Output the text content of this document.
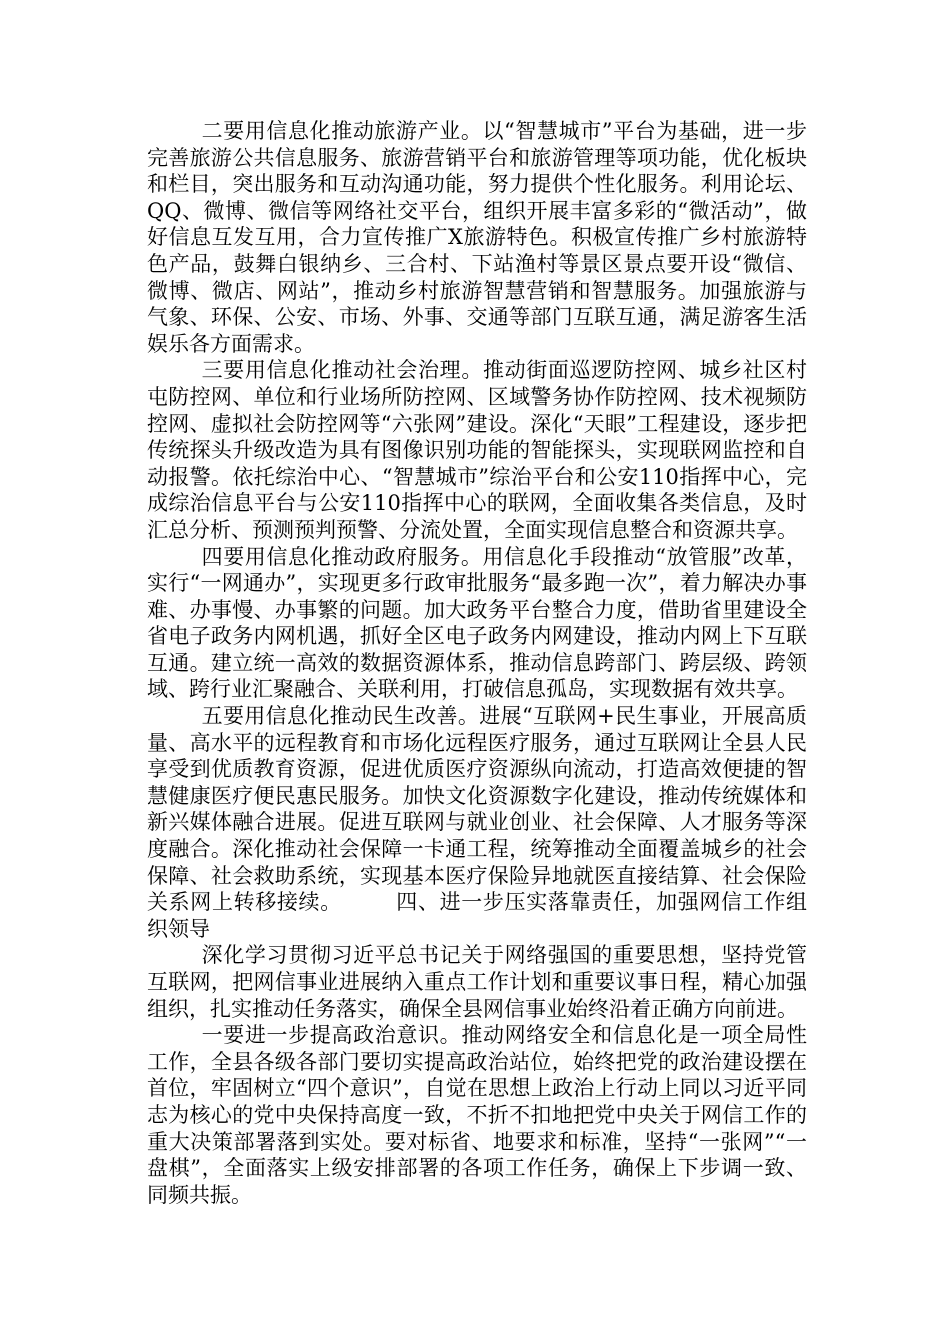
二要用信息化推动旅游产业。以“智慧城市”平台为基础，进一步完善旅游公共信息服务、旅游营销平台和旅游管理等项功能，优化板块和栏目，突出服务和互动沟通功能，努力提供个性化服务。利用论坛、QQ、微博、微信等网络社交平台，组织开展丰富多彩的“微活动”，做好信息互发互用，合力宣传推广X旅游特色。积极宣传推广乡村旅游特色产品，鼓舞白银纳乡、三合村、下站渔村等景区景点要开设“微信、微博、微店、网站”，推动乡村旅游智慧营销和智慧服务。加强旅游与气象、环保、公安、市场、外事、交通等部门互联互通，满足游客生活娱乐各方面需求。

三要用信息化推动社会治理。推动街面巡逻防控网、城乡社区村屯防控网、单位和行业场所防控网、区域警务协作防控网、技术视频防控网、虚拟社会防控网等“六张网”建设。深化“天眼”工程建设，逐步把传统探头升级改造为具有图像识别功能的智能探头，实现联网监控和自动报警。依托综治中心、“智慧城市”综治平台和公安110指挥中心，完成综治信息平台与公安110指挥中心的联网，全面收集各类信息，及时汇总分析、预测预判预警、分流处置，全面实现信息整合和资源共享。

四要用信息化推动政府服务。用信息化手段推动“放管服”改革，实行“一网通办”，实现更多行政审批服务“最多跑一次”，着力解决办事难、办事慢、办事繁的问题。加大政务平台整合力度，借助省里建设全省电子政务内网机遇，抓好全区电子政务内网建设，推动内网上下互联互通。建立统一高效的数据资源体系，推动信息跨部门、跨层级、跨领域、跨行业汇聚融合、关联利用，打破信息孤岛，实现数据有效共享。

五要用信息化推动民生改善。进展“互联网+民生事业，开展高质量、高水平的远程教育和市场化远程医疗服务，通过互联网让全县人民享受到优质教育资源，促进优质医疗资源纵向流动，打造高效便捷的智慧健康医疗便民惠民服务。加快文化资源数字化建设，推动传统媒体和新兴媒体融合进展。促进互联网与就业创业、社会保障、人才服务等深度融合。深化推动社会保障一卡通工程，统筹推动全面覆盖城乡的社会保障、社会救助系统，实现基本医疗保险异地就医直接结算、社会保险关系网上转移接续。　　　四、进一步压实落靠责任，加强网信工作组织领导

深化学习贯彻习近平总书记关于网络强国的重要思想，坚持党管互联网，把网信事业进展纳入重点工作计划和重要议事日程，精心加强组织，扎实推动任务落实，确保全县网信事业始终沿着正确方向前进。

一要进一步提高政治意识。推动网络安全和信息化是一项全局性工作，全县各级各部门要切实提高政治站位，始终把党的政治建设摆在首位，牢固树立“四个意识”，自觉在思想上政治上行动上同以习近平同志为核心的党中央保持高度一致，不折不扣地把党中央关于网信工作的重大决策部署落到实处。要对标省、地要求和标准，坚持“一张网”“一盘棋”，全面落实上级安排部署的各项工作任务，确保上下步调一致、同频共振。
